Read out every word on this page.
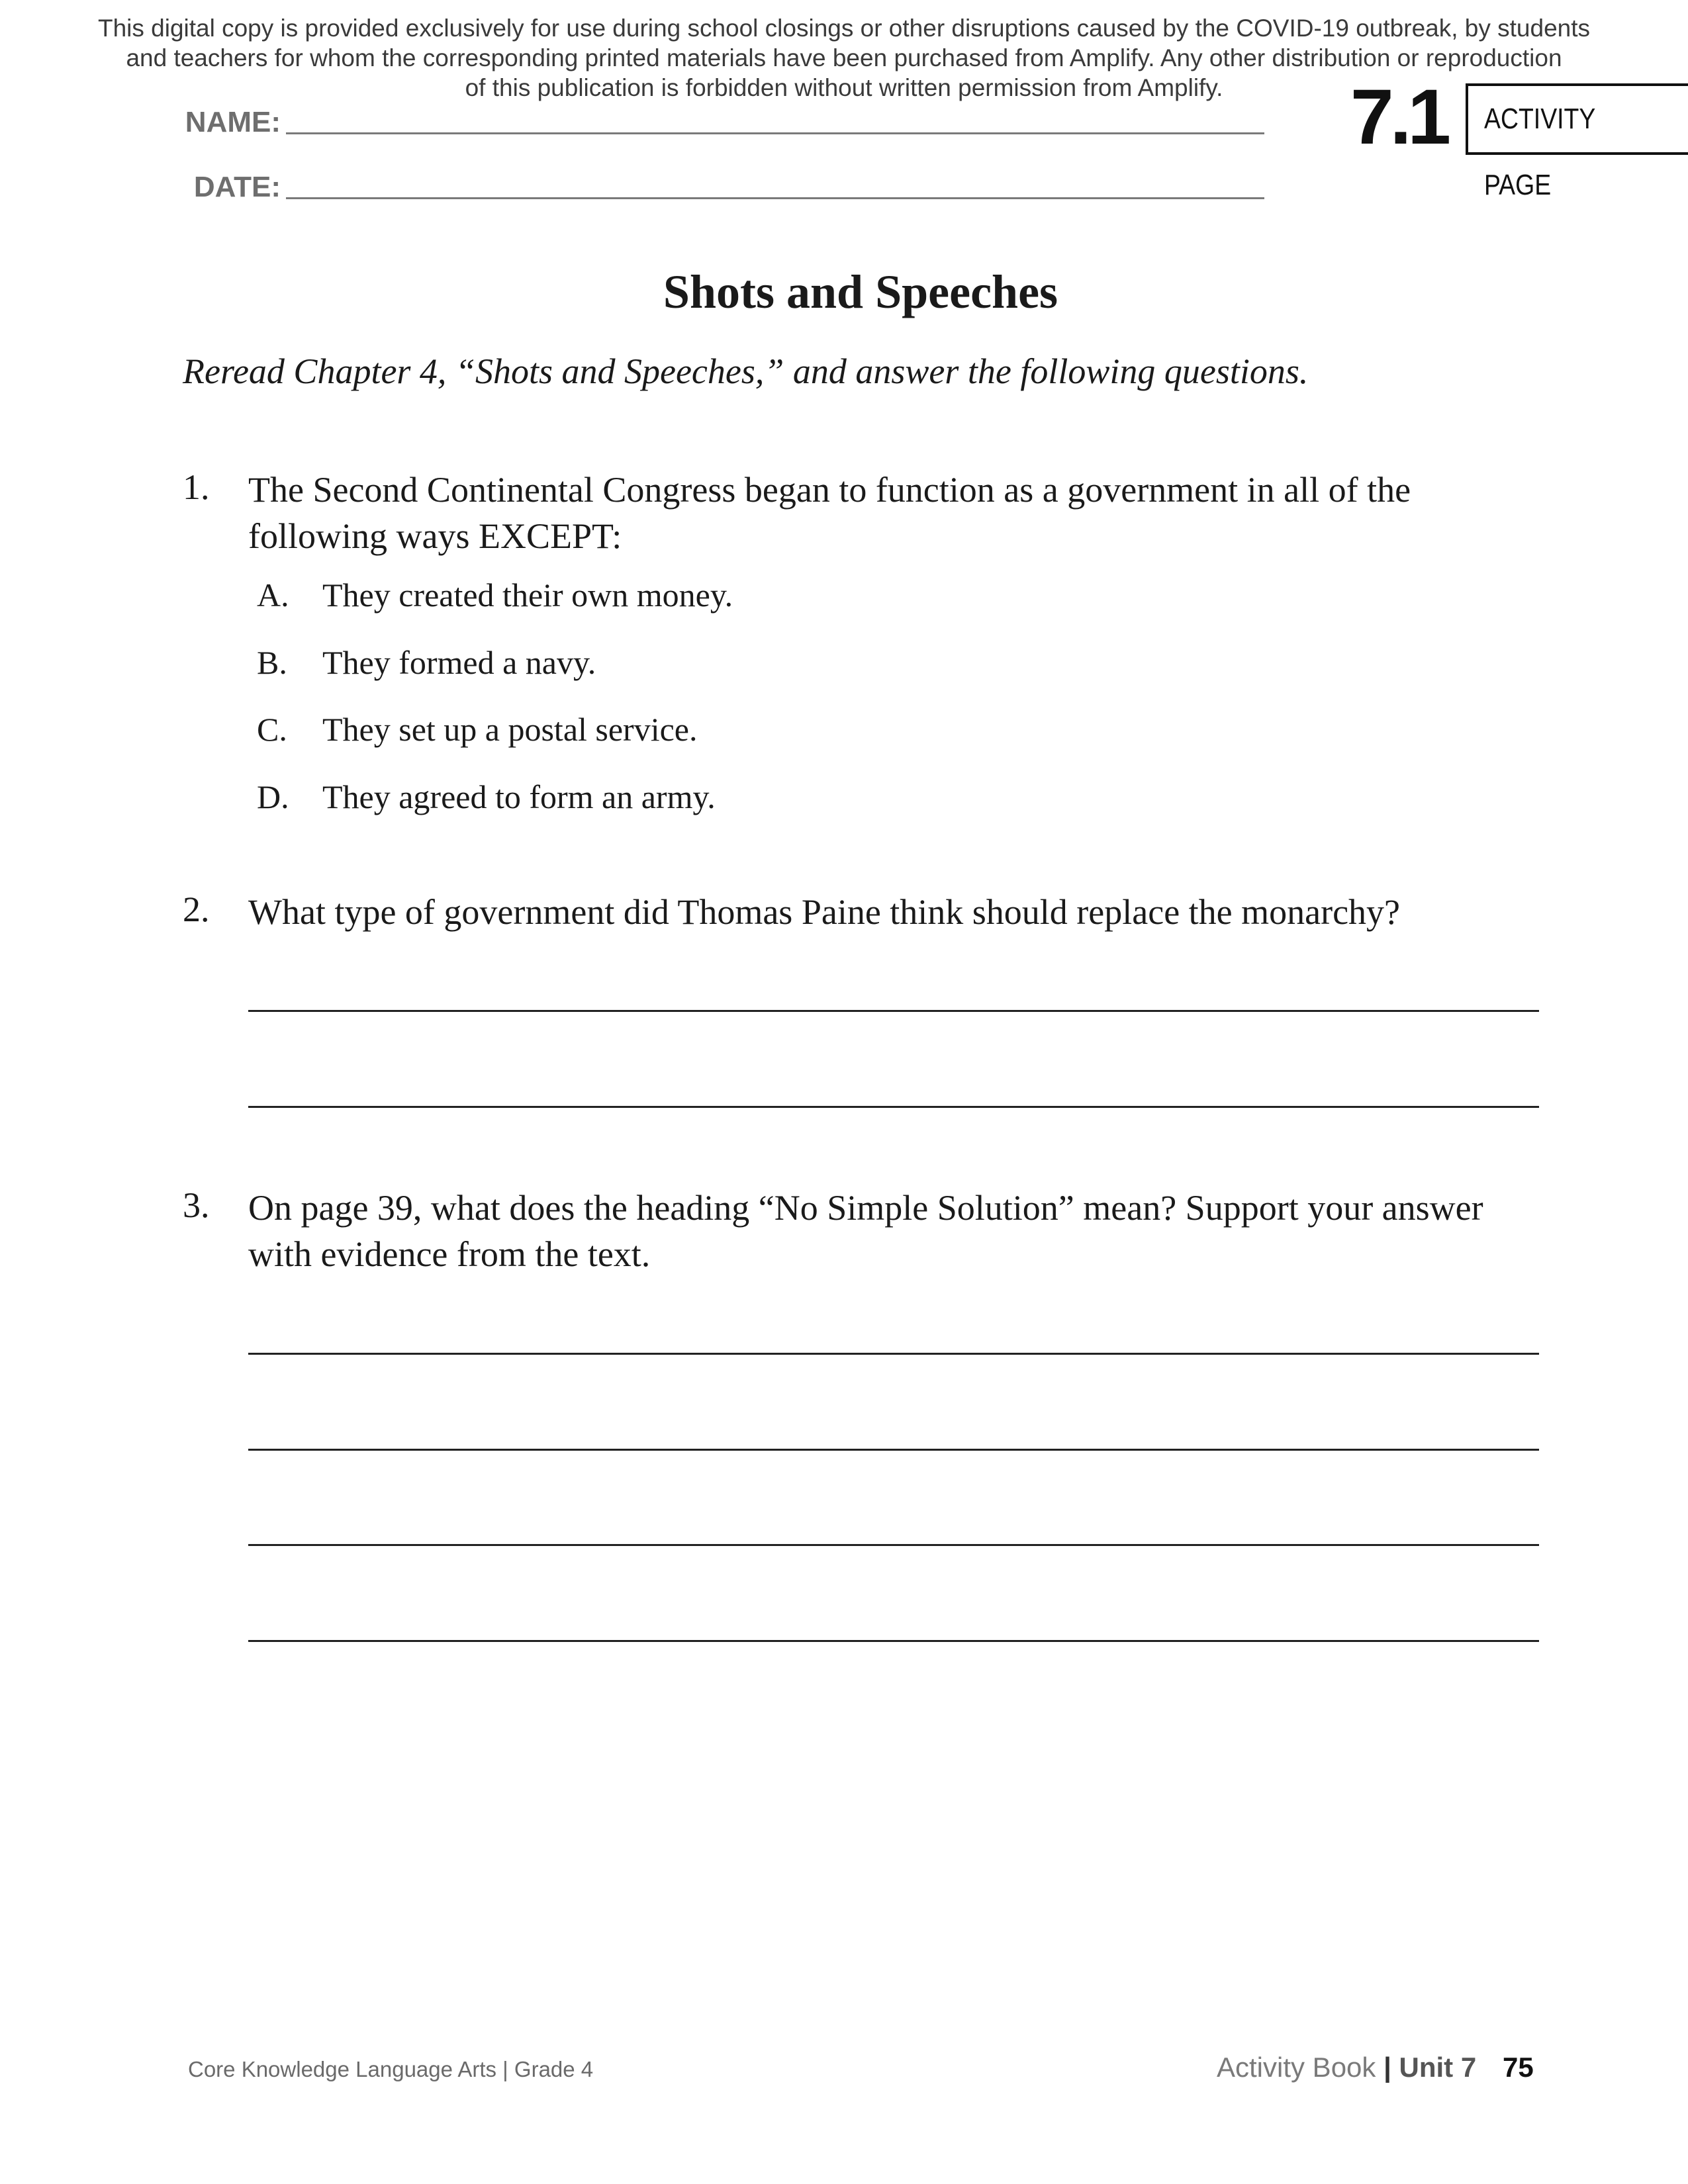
This digital copy is provided exclusively for use during school closings or other disruptions caused by the COVID-19 outbreak, by students
and teachers for whom the corresponding printed materials have been purchased from Amplify. Any other distribution or reproduction
of this publication is forbidden without written permission from Amplify.
NAME:
DATE:
7.1	ACTIVITY PAGE
Shots and Speeches
Reread Chapter 4, “Shots and Speeches,” and answer the following questions.
1. The Second Continental Congress began to function as a government in all of the
following ways EXCEPT:
A. They created their own money.
B. They formed a navy.
C. They set up a postal service.
D. They agreed to form an army.
2. What type of government did Thomas Paine think should replace the monarchy?
3. On page 39, what does the heading “No Simple Solution” mean? Support your answer
with evidence from the text.
Core Knowledge Language Arts | Grade 4	Activity Book | Unit 7 75
